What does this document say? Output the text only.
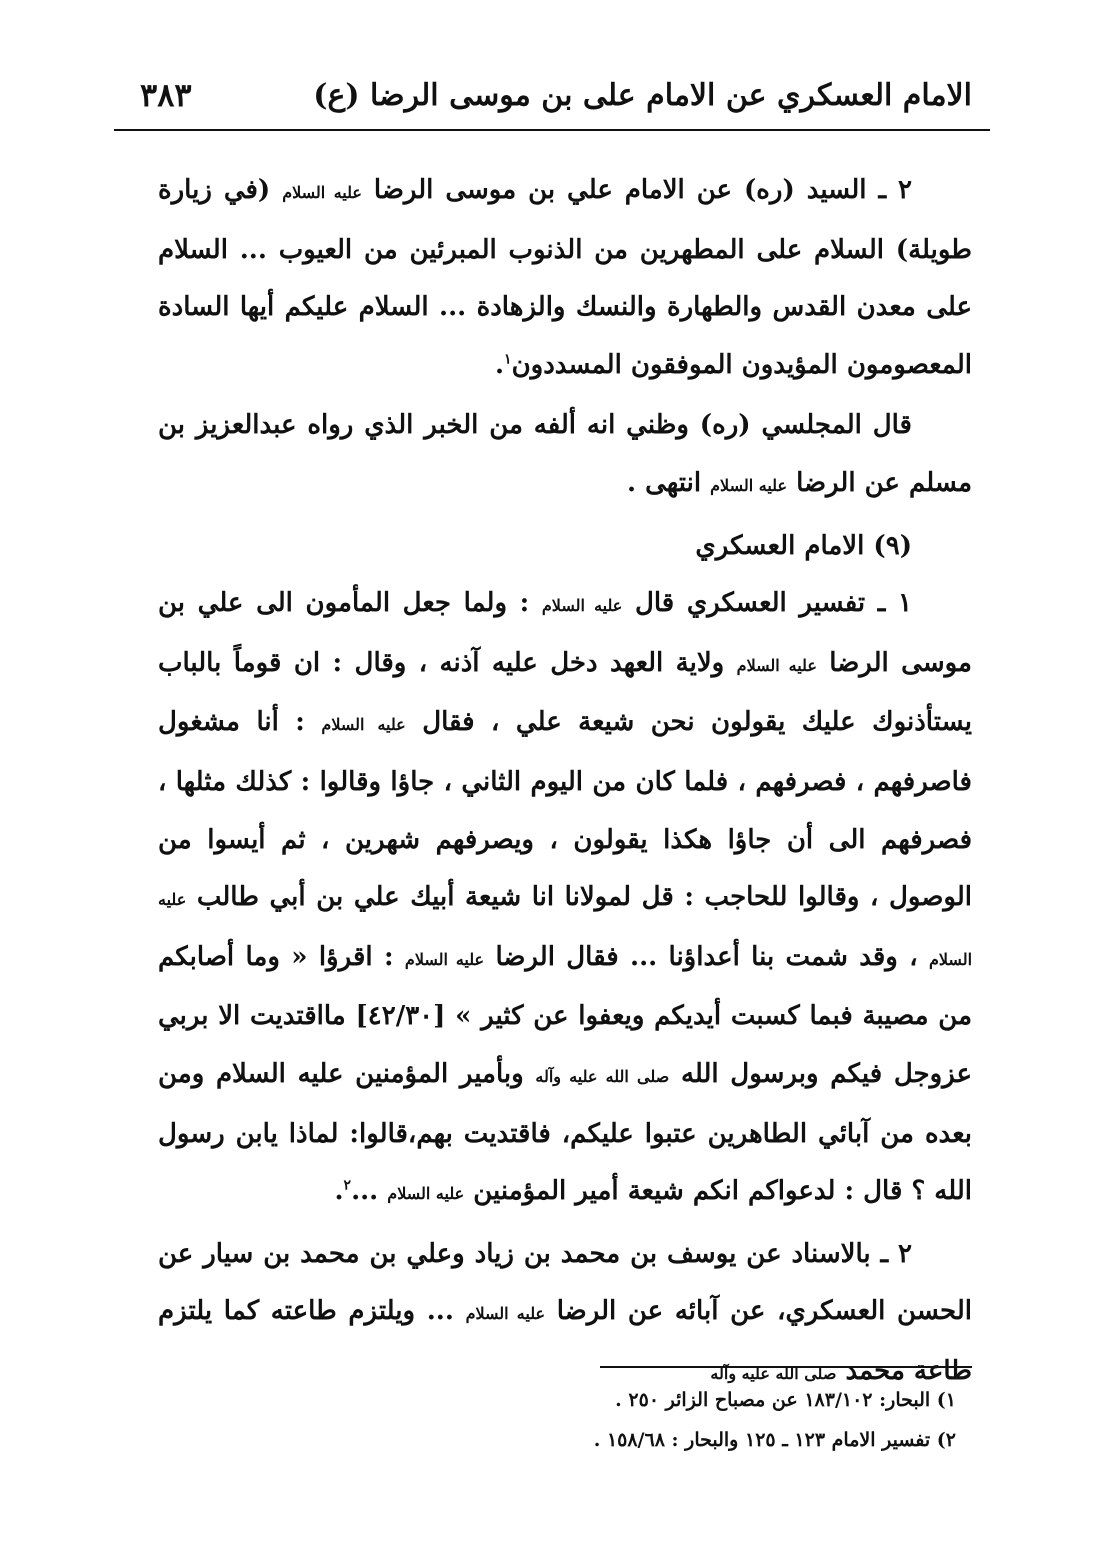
الامام العسكري عن الامام على بن موسى الرضا (ع)
٣٨٣

٢ ـ السيد (ره) عن الامام علي بن موسى الرضا عليه السلام (في زيارة طويلة) السلام على المطهرين من الذنوب المبرئين من العيوب ... السلام على معدن القدس والطهارة والنسك والزهادة ... السلام عليكم أيها السادة المعصومون المؤيدون الموفقون المسددون$^١$.

قال المجلسي (ره) وظني انه ألفه من الخبر الذي رواه عبدالعزيز بن مسلم عن الرضا عليه السلام انتهى .

(٩) الامام العسكري

١ ـ تفسير العسكري قال عليه السلام : ولما جعل المأمون الى علي بن موسى الرضا عليه السلام ولاية العهد دخل عليه آذنه ، وقال : ان قوماً بالباب يستأذنوك عليك يقولون نحن شيعة علي ، فقال عليه السلام : أنا مشغول فاصرفهم ، فصرفهم ، فلما كان من اليوم الثاني ، جاؤا وقالوا : كذلك مثلها ، فصرفهم الى أن جاؤا هكذا يقولون ، ويصرفهم شهرين ، ثم أيسوا من الوصول ، وقالوا للحاجب : قل لمولانا انا شيعة أبيك علي بن أبي طالب عليه السلام ، وقد شمت بنا أعداؤنا ... فقال الرضا عليه السلام : اقرؤا « وما أصابكم من مصيبة فبما كسبت أيديكم ويعفوا عن كثير » [٤٢/٣٠] مااقتديت الا بربي عزوجل فيكم وبرسول الله صلى الله عليه وآله وبأمير المؤمنين عليه السلام ومن بعده من آبائي الطاهرين عتبوا عليكم، فاقتديت بهم،قالوا: لماذا يابن رسول الله ؟ قال : لدعواكم انكم شيعة أمير المؤمنين عليه السلام ...$^٢$.

٢ ـ بالاسناد عن يوسف بن محمد بن زياد وعلي بن محمد بن سيار عن الحسن العسكري، عن آبائه عن الرضا عليه السلام ... ويلتزم طاعته كما يلتزم طاعة محمد صلى الله عليه وآله

١) البحار: ١٨٣/١٠٢ عن مصباح الزائر ٢٥٠ .

٢) تفسير الامام ١٢٣ ـ ١٢٥ والبحار : ١٥٨/٦٨ .
